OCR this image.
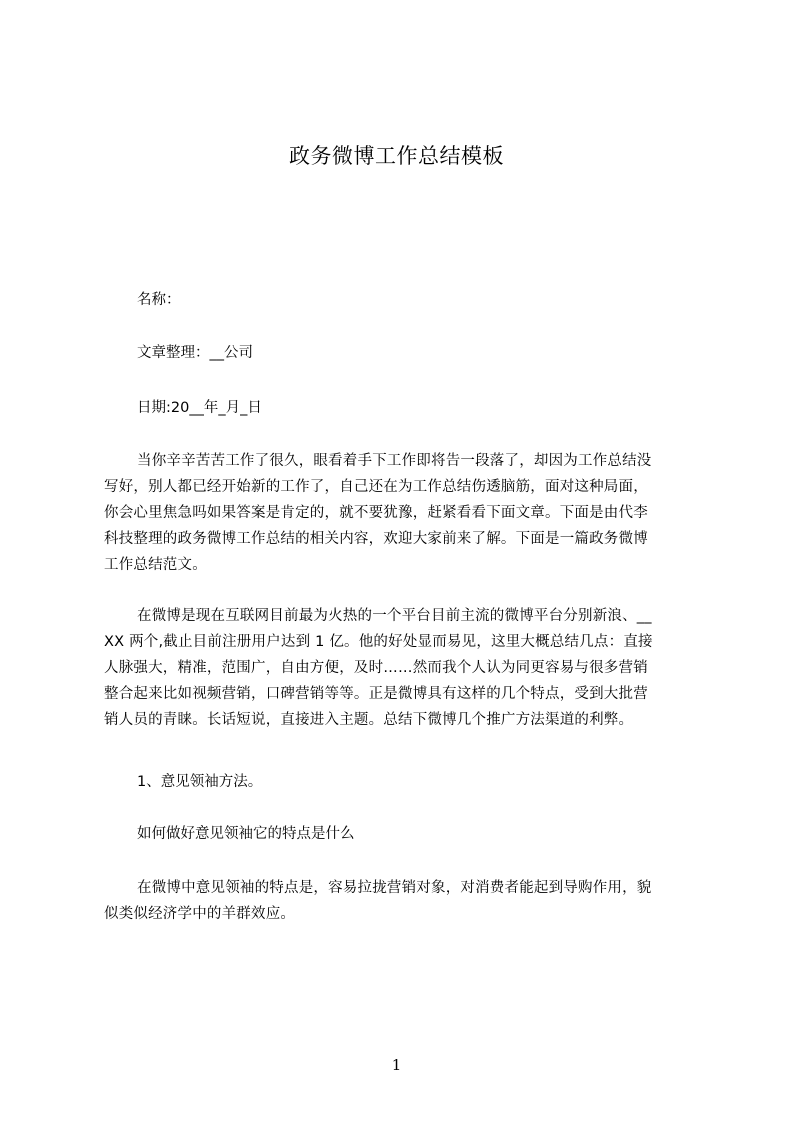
政务微博工作总结模板
名称：
文章整理：__公司
日期:20__年_月_日
当你辛辛苦苦工作了很久，眼看着手下工作即将告一段落了，却因为工作总结没
写好，别人都已经开始新的工作了，自己还在为工作总结伤透脑筋，面对这种局面，
你会心里焦急吗如果答案是肯定的，就不要犹豫，赶紧看看下面文章。下面是由代李
科技整理的政务微博工作总结的相关内容，欢迎大家前来了解。下面是一篇政务微博
工作总结范文。
在微博是现在互联网目前最为火热的一个平台目前主流的微博平台分别新浪、__
XX 两个,截止目前注册用户达到 1 亿。他的好处显而易见，这里大概总结几点：直接
人脉强大，精准，范围广，自由方便，及时……然而我个人认为同更容易与很多营销
整合起来比如视频营销，口碑营销等等。正是微博具有这样的几个特点，受到大批营
销人员的青睐。长话短说，直接进入主题。总结下微博几个推广方法渠道的利弊。
1、意见领袖方法。
如何做好意见领袖它的特点是什么
在微博中意见领袖的特点是，容易拉拢营销对象，对消费者能起到导购作用，貌
似类似经济学中的羊群效应。
1
